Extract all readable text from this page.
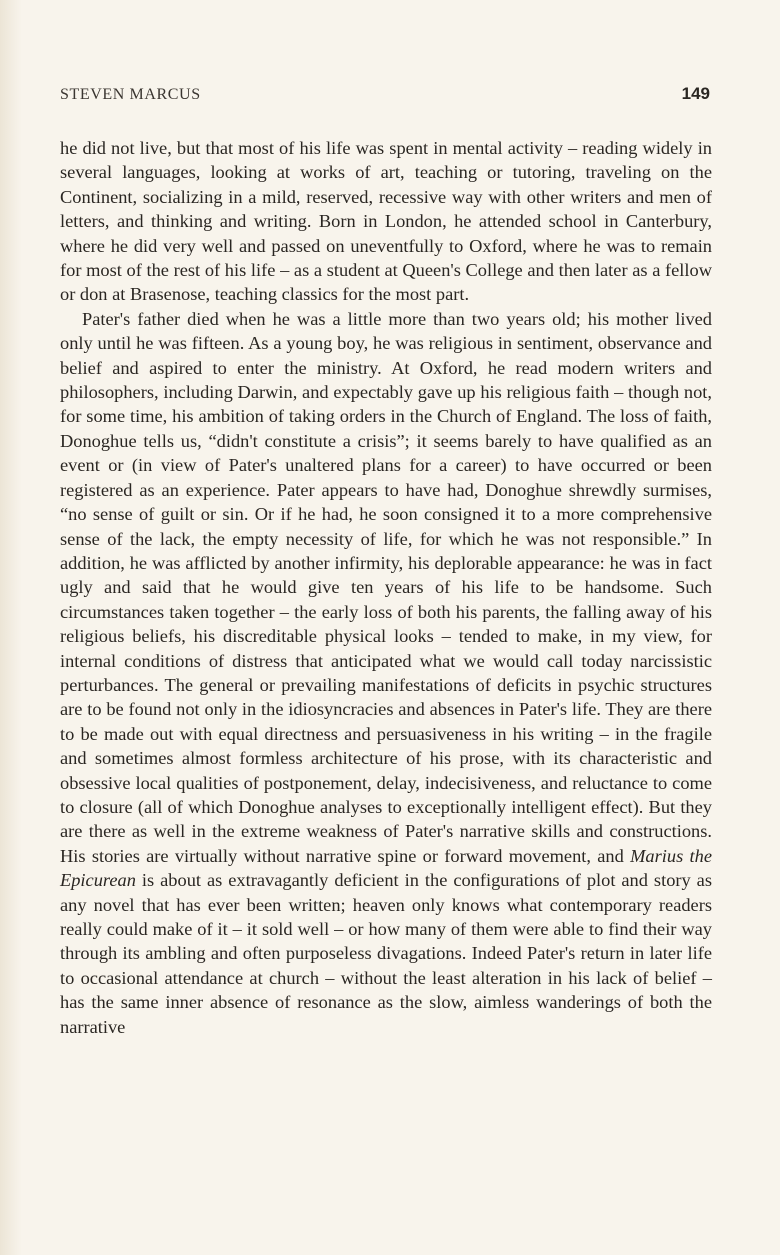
STEVEN MARCUS	149

he did not live, but that most of his life was spent in mental activity – reading widely in several languages, looking at works of art, teaching or tutoring, traveling on the Continent, socializing in a mild, reserved, recessive way with other writers and men of letters, and thinking and writing. Born in London, he attended school in Canterbury, where he did very well and passed on uneventfully to Oxford, where he was to remain for most of the rest of his life – as a student at Queen's College and then later as a fellow or don at Brasenose, teaching classics for the most part.

Pater's father died when he was a little more than two years old; his mother lived only until he was fifteen. As a young boy, he was religious in sentiment, observance and belief and aspired to enter the ministry. At Oxford, he read modern writers and philosophers, including Darwin, and expectably gave up his religious faith – though not, for some time, his ambition of taking orders in the Church of England. The loss of faith, Donoghue tells us, “didn't constitute a crisis”; it seems barely to have qualified as an event or (in view of Pater's unaltered plans for a career) to have occurred or been registered as an experience. Pater appears to have had, Donoghue shrewdly surmises, “no sense of guilt or sin. Or if he had, he soon consigned it to a more comprehensive sense of the lack, the empty necessity of life, for which he was not responsible.” In addition, he was afflicted by another infirmity, his deplorable appearance: he was in fact ugly and said that he would give ten years of his life to be handsome. Such circumstances taken together – the early loss of both his parents, the falling away of his religious beliefs, his discreditable physical looks – tended to make, in my view, for internal conditions of distress that anticipated what we would call today narcissistic perturbances. The general or prevailing manifestations of deficits in psychic structures are to be found not only in the idiosyncracies and absences in Pater's life. They are there to be made out with equal directness and persuasiveness in his writing – in the fragile and sometimes almost formless architecture of his prose, with its characteristic and obsessive local qualities of postponement, delay, indecisiveness, and reluctance to come to closure (all of which Donoghue analyses to exceptionally intelligent effect). But they are there as well in the extreme weakness of Pater's narrative skills and constructions. His stories are virtually without narrative spine or forward movement, and Marius the Epicurean is about as extravagantly deficient in the configurations of plot and story as any novel that has ever been written; heaven only knows what contemporary readers really could make of it – it sold well – or how many of them were able to find their way through its ambling and often purposeless divagations. Indeed Pater's return in later life to occasional attendance at church – without the least alteration in his lack of belief – has the same inner absence of resonance as the slow, aimless wanderings of both the narrative
